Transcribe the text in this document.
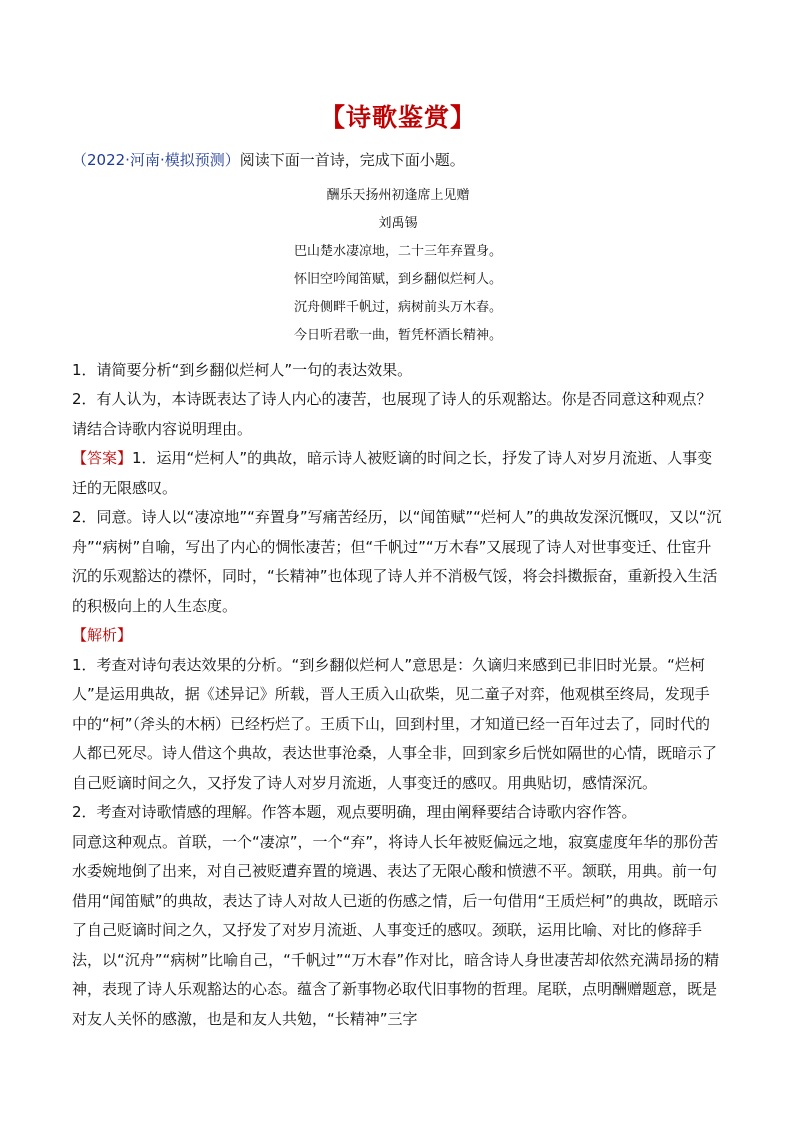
【诗歌鉴赏】

（2022·河南·模拟预测）阅读下面一首诗，完成下面小题。

酬乐天扬州初逢席上见赠
刘禹锡
巴山楚水凄凉地，二十三年弃置身。
怀旧空吟闻笛赋，到乡翻似烂柯人。
沉舟侧畔千帆过，病树前头万木春。
今日听君歌一曲，暂凭杯酒长精神。

1．请简要分析“到乡翻似烂柯人”一句的表达效果。

2．有人认为，本诗既表达了诗人内心的凄苦，也展现了诗人的乐观豁达。你是否同意这种观点？请结合诗歌内容说明理由。

【答案】1．运用“烂柯人”的典故，暗示诗人被贬谪的时间之长，抒发了诗人对岁月流逝、人事变迁的无限感叹。

2．同意。诗人以“凄凉地”“弃置身”写痛苦经历，以“闻笛赋”“烂柯人”的典故发深沉慨叹，又以“沉舟”“病树”自喻，写出了内心的惆怅凄苦；但“千帆过”“万木春”又展现了诗人对世事变迁、仕宦升沉的乐观豁达的襟怀，同时，“长精神”也体现了诗人并不消极气馁，将会抖擞振奋，重新投入生活的积极向上的人生态度。

【解析】

1．考查对诗句表达效果的分析。“到乡翻似烂柯人”意思是：久谪归来感到已非旧时光景。“烂柯人”是运用典故，据《述异记》所载，晋人王质入山砍柴，见二童子对弈，他观棋至终局，发现手中的“柯”（斧头的木柄）已经朽烂了。王质下山，回到村里，才知道已经一百年过去了，同时代的人都已死尽。诗人借这个典故，表达世事沧桑，人事全非，回到家乡后恍如隔世的心情，既暗示了自己贬谪时间之久，又抒发了诗人对岁月流逝，人事变迁的感叹。用典贴切，感情深沉。

2．考查对诗歌情感的理解。作答本题，观点要明确，理由阐释要结合诗歌内容作答。

同意这种观点。首联，一个“凄凉”，一个“弃”，将诗人长年被贬偏远之地，寂寞虚度年华的那份苦水委婉地倒了出来，对自己被贬遭弃置的境遇、表达了无限心酸和愤懑不平。颔联，用典。前一句借用“闻笛赋”的典故，表达了诗人对故人已逝的伤感之情，后一句借用“王质烂柯”的典故，既暗示了自己贬谪时间之久，又抒发了对岁月流逝、人事变迁的感叹。颈联，运用比喻、对比的修辞手法，以“沉舟”“病树”比喻自己，“千帆过”“万木春”作对比，暗含诗人身世凄苦却依然充满昂扬的精神，表现了诗人乐观豁达的心态。蕴含了新事物必取代旧事物的哲理。尾联，点明酬赠题意，既是对友人关怀的感激，也是和友人共勉，“长精神”三字
